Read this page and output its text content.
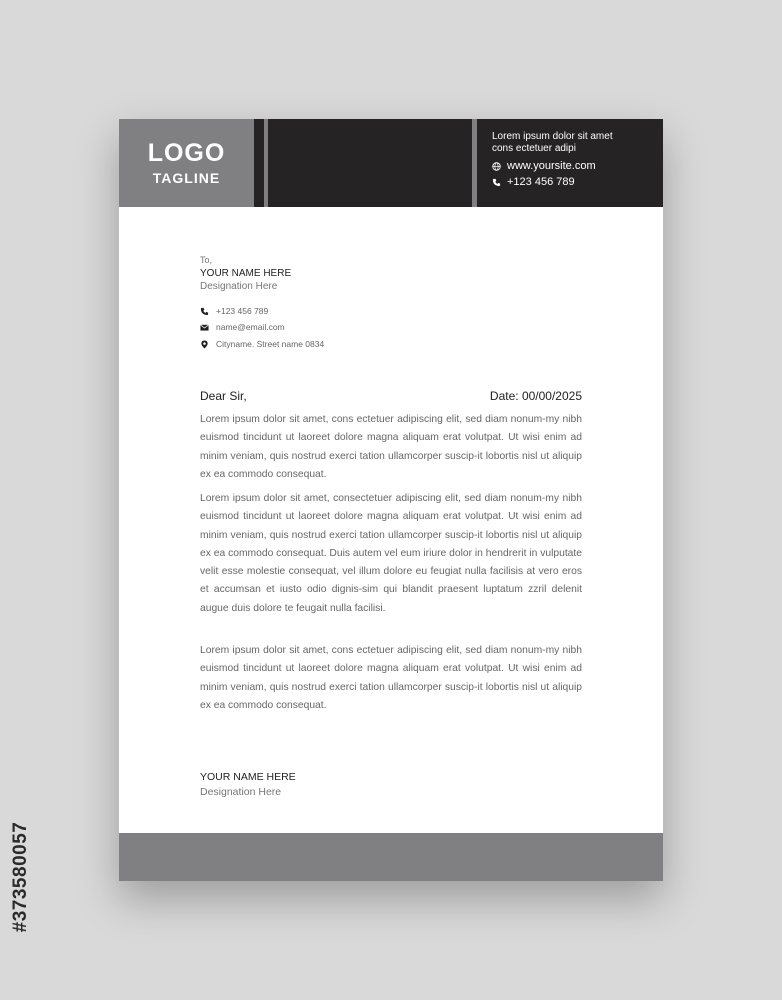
LOGO
TAGLINE
Lorem ipsum dolor sit amet
cons ectetuer adipi
www.yoursite.com
+123 456 789
To,
YOUR NAME HERE
Designation Here
+123 456 789
name@email.com
Cityname. Street name 0834
Dear Sir,	Date: 00/00/2025
Lorem ipsum dolor sit amet, cons ectetuer adipiscing elit, sed diam nonum-my nibh euismod tincidunt ut laoreet dolore magna aliquam erat volutpat. Ut wisi enim ad minim veniam, quis nostrud exerci tation ullamcorper suscip-it lobortis nisl ut aliquip ex ea commodo consequat.
Lorem ipsum dolor sit amet, consectetuer adipiscing elit, sed diam nonum-my nibh euismod tincidunt ut laoreet dolore magna aliquam erat volutpat. Ut wisi enim ad minim veniam, quis nostrud exerci tation ullamcorper suscip-it lobortis nisl ut aliquip ex ea commodo consequat. Duis autem vel eum iriure dolor in hendrerit in vulputate velit esse molestie consequat, vel illum dolore eu feugiat nulla facilisis at vero eros et accumsan et iusto odio dignis-sim qui blandit praesent luptatum zzril delenit augue duis dolore te feugait nulla facilisi.
Lorem ipsum dolor sit amet, cons ectetuer adipiscing elit, sed diam nonum-my nibh euismod tincidunt ut laoreet dolore magna aliquam erat volutpat. Ut wisi enim ad minim veniam, quis nostrud exerci tation ullamcorper suscip-it lobortis nisl ut aliquip ex ea commodo consequat.
YOUR NAME HERE
Designation Here
#373580057
